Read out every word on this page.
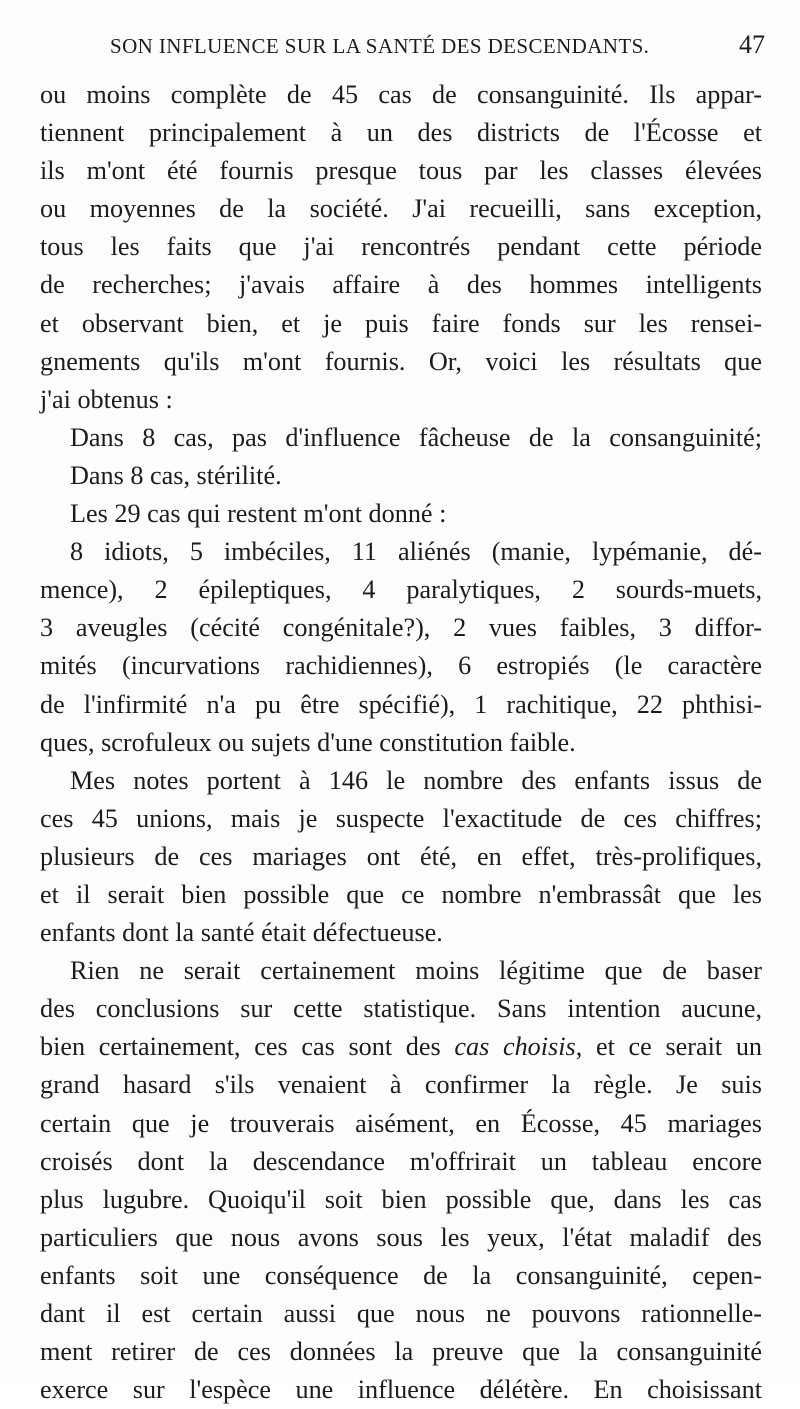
SON INFLUENCE SUR LA SANTÉ DES DESCENDANTS.	47
ou moins complète de 45 cas de consanguinité. Ils appar-
tiennent principalement à un des districts de l'Écosse et
ils m'ont été fournis presque tous par les classes élevées
ou moyennes de la société. J'ai recueilli, sans exception,
tous les faits que j'ai rencontrés pendant cette période
de recherches; j'avais affaire à des hommes intelligents
et observant bien, et je puis faire fonds sur les rensei-
gnements qu'ils m'ont fournis. Or, voici les résultats que
j'ai obtenus :
Dans 8 cas, pas d'influence fâcheuse de la consanguinité;
Dans 8 cas, stérilité.
Les 29 cas qui restent m'ont donné :
8 idiots, 5 imbéciles, 11 aliénés (manie, lypémanie, dé-
mence), 2 épileptiques, 4 paralytiques, 2 sourds-muets,
3 aveugles (cécité congénitale?), 2 vues faibles, 3 diffor-
mités (incurvations rachidiennes), 6 estropiés (le caractère
de l'infirmité n'a pu être spécifié), 1 rachitique, 22 phthisi-
ques, scrofuleux ou sujets d'une constitution faible.
Mes notes portent à 146 le nombre des enfants issus de
ces 45 unions, mais je suspecte l'exactitude de ces chiffres;
plusieurs de ces mariages ont été, en effet, très-prolifiques,
et il serait bien possible que ce nombre n'embrassât que les
enfants dont la santé était défectueuse.
Rien ne serait certainement moins légitime que de baser
des conclusions sur cette statistique. Sans intention aucune,
bien certainement, ces cas sont des cas choisis, et ce serait un
grand hasard s'ils venaient à confirmer la règle. Je suis
certain que je trouverais aisément, en Écosse, 45 mariages
croisés dont la descendance m'offrirait un tableau encore
plus lugubre. Quoiqu'il soit bien possible que, dans les cas
particuliers que nous avons sous les yeux, l'état maladif des
enfants soit une conséquence de la consanguinité, cepen-
dant il est certain aussi que nous ne pouvons rationnelle-
ment retirer de ces données la preuve que la consanguinité
exerce sur l'espèce une influence délétère. En choisissant
